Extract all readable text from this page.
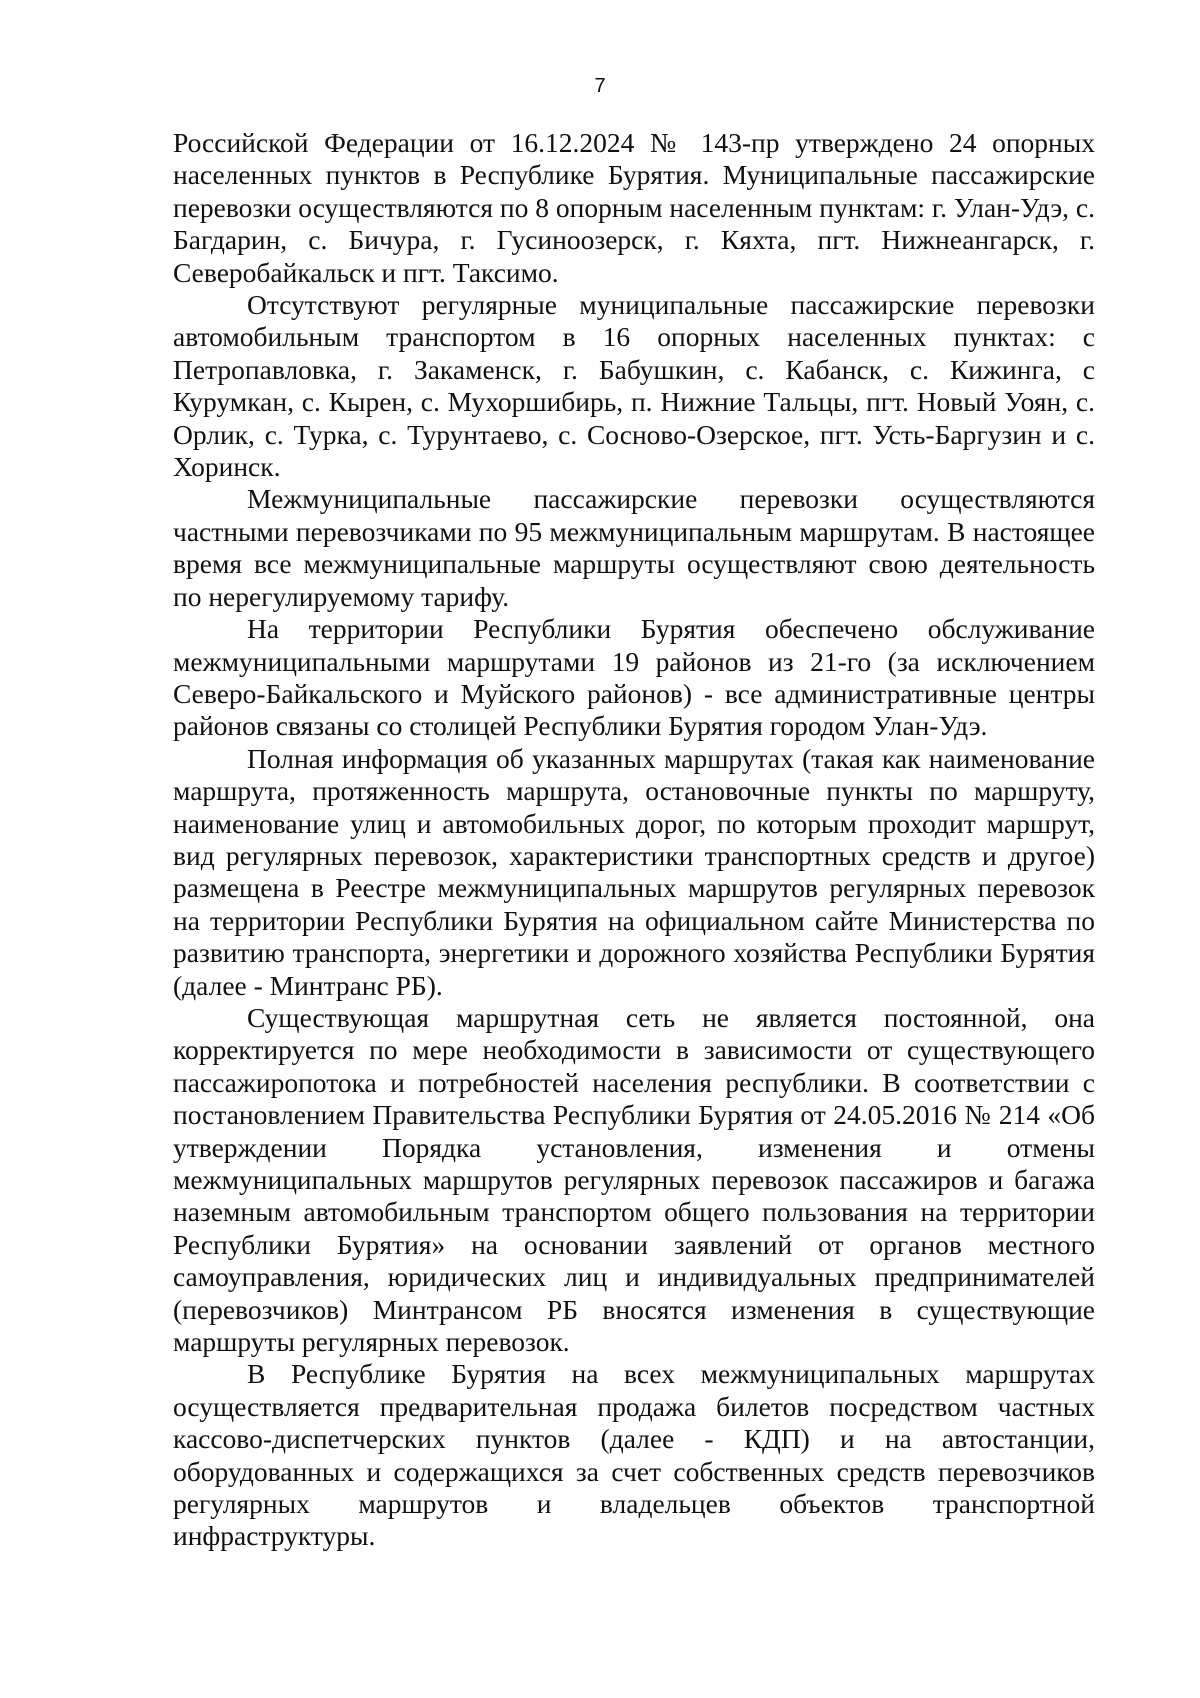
7

Российской Федерации от 16.12.2024 № 143-пр утверждено 24 опорных населенных пунктов в Республике Бурятия. Муниципальные пассажирские перевозки осуществляются по 8 опорным населенным пунктам: г. Улан-Удэ, с. Багдарин, с. Бичура, г. Гусиноозерск, г. Кяхта, пгт. Нижнеангарск, г. Северобайкальск и пгт. Таксимо.

Отсутствуют регулярные муниципальные пассажирские перевозки автомобильным транспортом в 16 опорных населенных пунктах: с Петропавловка, г. Закаменск, г. Бабушкин, с. Кабанск, с. Кижинга, с Курумкан, с. Кырен, с. Мухоршибирь, п. Нижние Тальцы, пгт. Новый Уоян, с. Орлик, с. Турка, с. Турунтаево, с. Сосново-Озерское, пгт. Усть-Баргузин и с. Хоринск.

Межмуниципальные пассажирские перевозки осуществляются частными перевозчиками по 95 межмуниципальным маршрутам. В настоящее время все межмуниципальные маршруты осуществляют свою деятельность по нерегулируемому тарифу.

На территории Республики Бурятия обеспечено обслуживание межмуниципальными маршрутами 19 районов из 21-го (за исключением Северо-Байкальского и Муйского районов) - все административные центры районов связаны со столицей Республики Бурятия городом Улан-Удэ.

Полная информация об указанных маршрутах (такая как наименование маршрута, протяженность маршрута, остановочные пункты по маршруту, наименование улиц и автомобильных дорог, по которым проходит маршрут, вид регулярных перевозок, характеристики транспортных средств и другое) размещена в Реестре межмуниципальных маршрутов регулярных перевозок на территории Республики Бурятия на официальном сайте Министерства по развитию транспорта, энергетики и дорожного хозяйства Республики Бурятия (далее - Минтранс РБ).

Существующая маршрутная сеть не является постоянной, она корректируется по мере необходимости в зависимости от существующего пассажиропотока и потребностей населения республики. В соответствии с постановлением Правительства Республики Бурятия от 24.05.2016 № 214 «Об утверждении Порядка установления, изменения и отмены межмуниципальных маршрутов регулярных перевозок пассажиров и багажа наземным автомобильным транспортом общего пользования на территории Республики Бурятия» на основании заявлений от органов местного самоуправления, юридических лиц и индивидуальных предпринимателей (перевозчиков) Минтрансом РБ вносятся изменения в существующие маршруты регулярных перевозок.

В Республике Бурятия на всех межмуниципальных маршрутах осуществляется предварительная продажа билетов посредством частных кассово-диспетчерских пунктов (далее - КДП) и на автостанции, оборудованных и содержащихся за счет собственных средств перевозчиков регулярных маршрутов и владельцев объектов транспортной инфраструктуры.
